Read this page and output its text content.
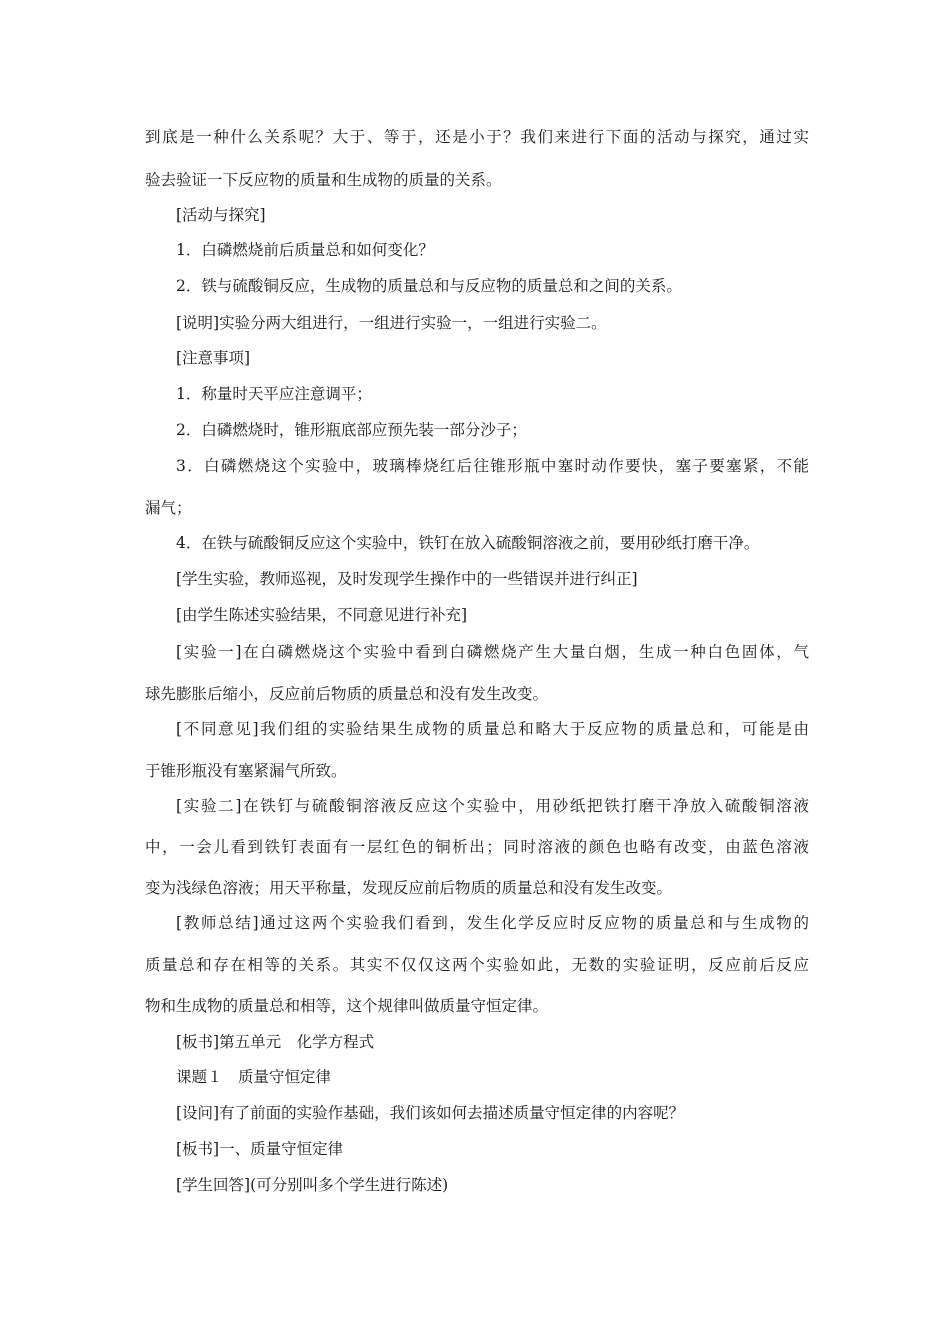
到底是一种什么关系呢？大于、等于，还是小于？我们来进行下面的活动与探究，通过实
验去验证一下反应物的质量和生成物的质量的关系。
[活动与探究]
1．白磷燃烧前后质量总和如何变化？
2．铁与硫酸铜反应，生成物的质量总和与反应物的质量总和之间的关系。
[说明]实验分两大组进行，一组进行实验一，一组进行实验二。
[注意事项]
1．称量时天平应注意调平；
2．白磷燃烧时，锥形瓶底部应预先装一部分沙子；
3．白磷燃烧这个实验中，玻璃棒烧红后往锥形瓶中塞时动作要快，塞子要塞紧，不能
漏气；
4．在铁与硫酸铜反应这个实验中，铁钉在放入硫酸铜溶液之前，要用砂纸打磨干净。
[学生实验，教师巡视，及时发现学生操作中的一些错误并进行纠正]
[由学生陈述实验结果，不同意见进行补充]
[实验一]在白磷燃烧这个实验中看到白磷燃烧产生大量白烟，生成一种白色固体，气
球先膨胀后缩小，反应前后物质的质量总和没有发生改变。
[不同意见]我们组的实验结果生成物的质量总和略大于反应物的质量总和，可能是由
于锥形瓶没有塞紧漏气所致。
[实验二]在铁钉与硫酸铜溶液反应这个实验中，用砂纸把铁打磨干净放入硫酸铜溶液
中，一会儿看到铁钉表面有一层红色的铜析出；同时溶液的颜色也略有改变，由蓝色溶液
变为浅绿色溶液；用天平称量，发现反应前后物质的质量总和没有发生改变。
[教师总结]通过这两个实验我们看到，发生化学反应时反应物的质量总和与生成物的
质量总和存在相等的关系。其实不仅仅这两个实验如此，无数的实验证明，反应前后反应
物和生成物的质量总和相等，这个规律叫做质量守恒定律。
[板书]第五单元　化学方程式
课题１　质量守恒定律
[设问]有了前面的实验作基础，我们该如何去描述质量守恒定律的内容呢？
[板书]一、质量守恒定律
[学生回答](可分别叫多个学生进行陈述)
